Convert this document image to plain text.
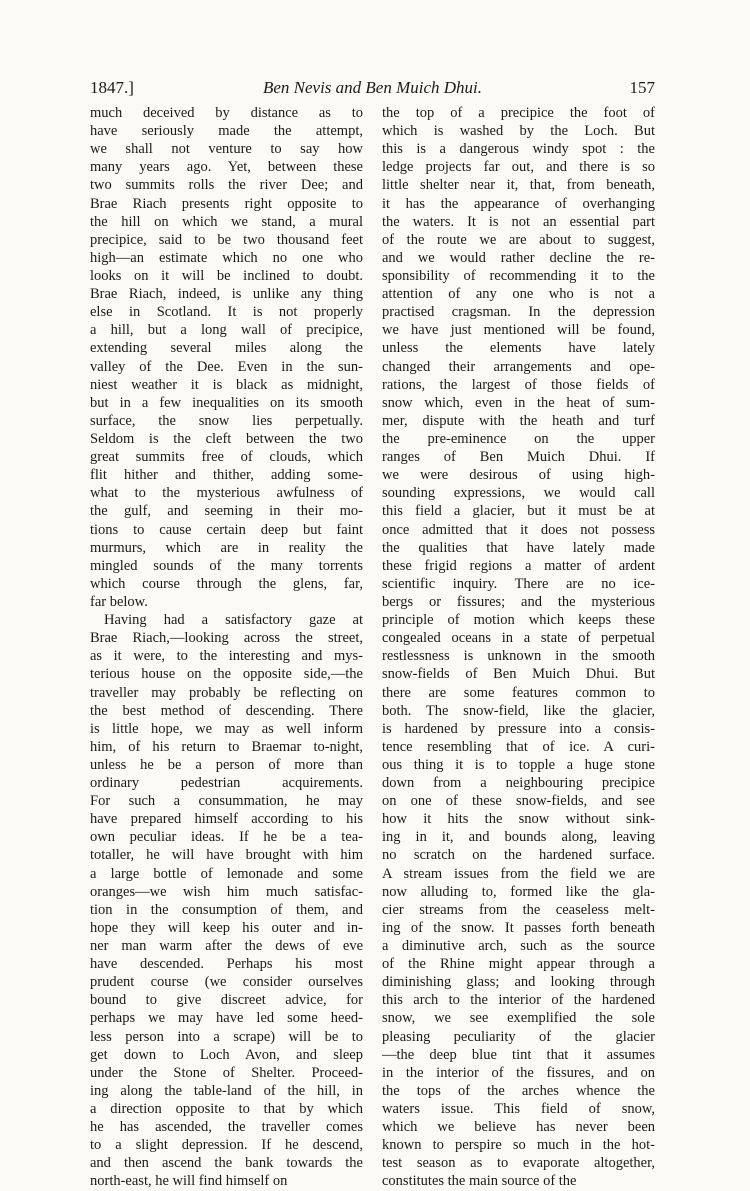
1847.]	Ben Nevis and Ben Muich Dhui.	157
much deceived by distance as to
have seriously made the attempt,
we shall not venture to say how
many years ago. Yet, between these
two summits rolls the river Dee; and
Brae Riach presents right opposite to
the hill on which we stand, a mural
precipice, said to be two thousand feet
high—an estimate which no one who
looks on it will be inclined to doubt.
Brae Riach, indeed, is unlike any thing
else in Scotland. It is not properly
a hill, but a long wall of precipice,
extending several miles along the
valley of the Dee. Even in the sun-
niest weather it is black as midnight,
but in a few inequalities on its smooth
surface, the snow lies perpetually.
Seldom is the cleft between the two
great summits free of clouds, which
flit hither and thither, adding some-
what to the mysterious awfulness of
the gulf, and seeming in their mo-
tions to cause certain deep but faint
murmurs, which are in reality the
mingled sounds of the many torrents
which course through the glens, far,
far below.
Having had a satisfactory gaze at
Brae Riach,—looking across the street,
as it were, to the interesting and mys-
terious house on the opposite side,—the
traveller may probably be reflecting on
the best method of descending. There
is little hope, we may as well inform
him, of his return to Braemar to-night,
unless he be a person of more than
ordinary pedestrian acquirements.
For such a consummation, he may
have prepared himself according to his
own peculiar ideas. If he be a tea-
totaller, he will have brought with him
a large bottle of lemonade and some
oranges—we wish him much satisfac-
tion in the consumption of them, and
hope they will keep his outer and in-
ner man warm after the dews of eve
have descended. Perhaps his most
prudent course (we consider ourselves
bound to give discreet advice, for
perhaps we may have led some heed-
less person into a scrape) will be to
get down to Loch Avon, and sleep
under the Stone of Shelter. Proceed-
ing along the table-land of the hill, in
a direction opposite to that by which
he has ascended, the traveller comes
to a slight depression. If he descend,
and then ascend the bank towards the
north-east, he will find himself on
the top of a precipice the foot of
which is washed by the Loch. But
this is a dangerous windy spot : the
ledge projects far out, and there is so
little shelter near it, that, from beneath,
it has the appearance of overhanging
the waters. It is not an essential part
of the route we are about to suggest,
and we would rather decline the re-
sponsibility of recommending it to the
attention of any one who is not a
practised cragsman. In the depression
we have just mentioned will be found,
unless the elements have lately
changed their arrangements and ope-
rations, the largest of those fields of
snow which, even in the heat of sum-
mer, dispute with the heath and turf
the pre-eminence on the upper
ranges of Ben Muich Dhui. If
we were desirous of using high-
sounding expressions, we would call
this field a glacier, but it must be at
once admitted that it does not possess
the qualities that have lately made
these frigid regions a matter of ardent
scientific inquiry. There are no ice-
bergs or fissures; and the mysterious
principle of motion which keeps these
congealed oceans in a state of perpetual
restlessness is unknown in the smooth
snow-fields of Ben Muich Dhui. But
there are some features common to
both. The snow-field, like the glacier,
is hardened by pressure into a consis-
tence resembling that of ice. A curi-
ous thing it is to topple a huge stone
down from a neighbouring precipice
on one of these snow-fields, and see
how it hits the snow without sink-
ing in it, and bounds along, leaving
no scratch on the hardened surface.
A stream issues from the field we are
now alluding to, formed like the gla-
cier streams from the ceaseless melt-
ing of the snow. It passes forth beneath
a diminutive arch, such as the source
of the Rhine might appear through a
diminishing glass; and looking through
this arch to the interior of the hardened
snow, we see exemplified the sole
pleasing peculiarity of the glacier
—the deep blue tint that it assumes
in the interior of the fissures, and on
the tops of the arches whence the
waters issue. This field of snow,
which we believe has never been
known to perspire so much in the hot-
test season as to evaporate altogether,
constitutes the main source of the
